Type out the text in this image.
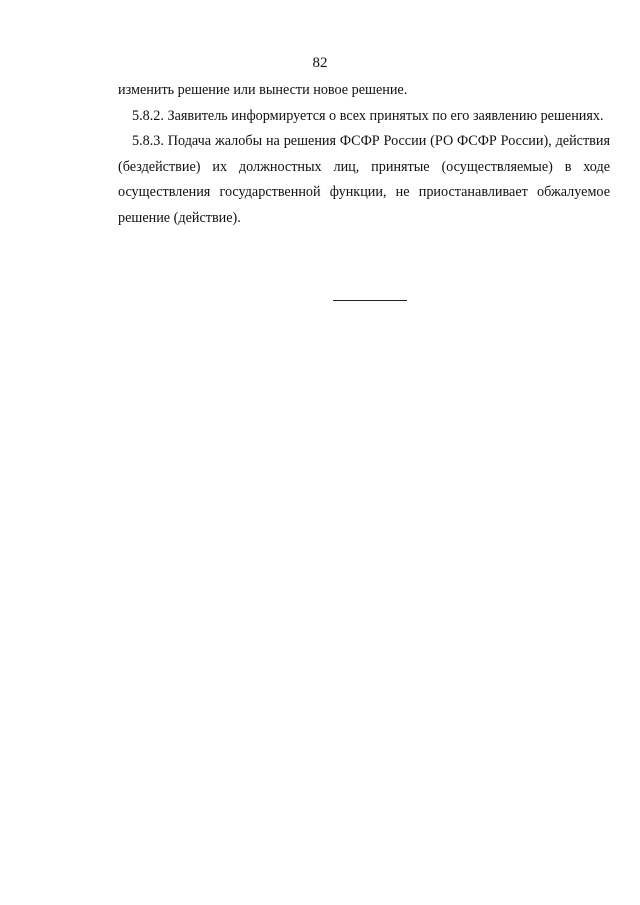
82

изменить решение или вынести новое решение.

5.8.2. Заявитель информируется о всех принятых по его заявлению решениях.

5.8.3. Подача жалобы на решения ФСФР России (РО ФСФР России), действия (бездействие) их должностных лиц, принятые (осуществляемые) в ходе осуществления государственной функции, не приостанавливает обжалуемое решение (действие).
